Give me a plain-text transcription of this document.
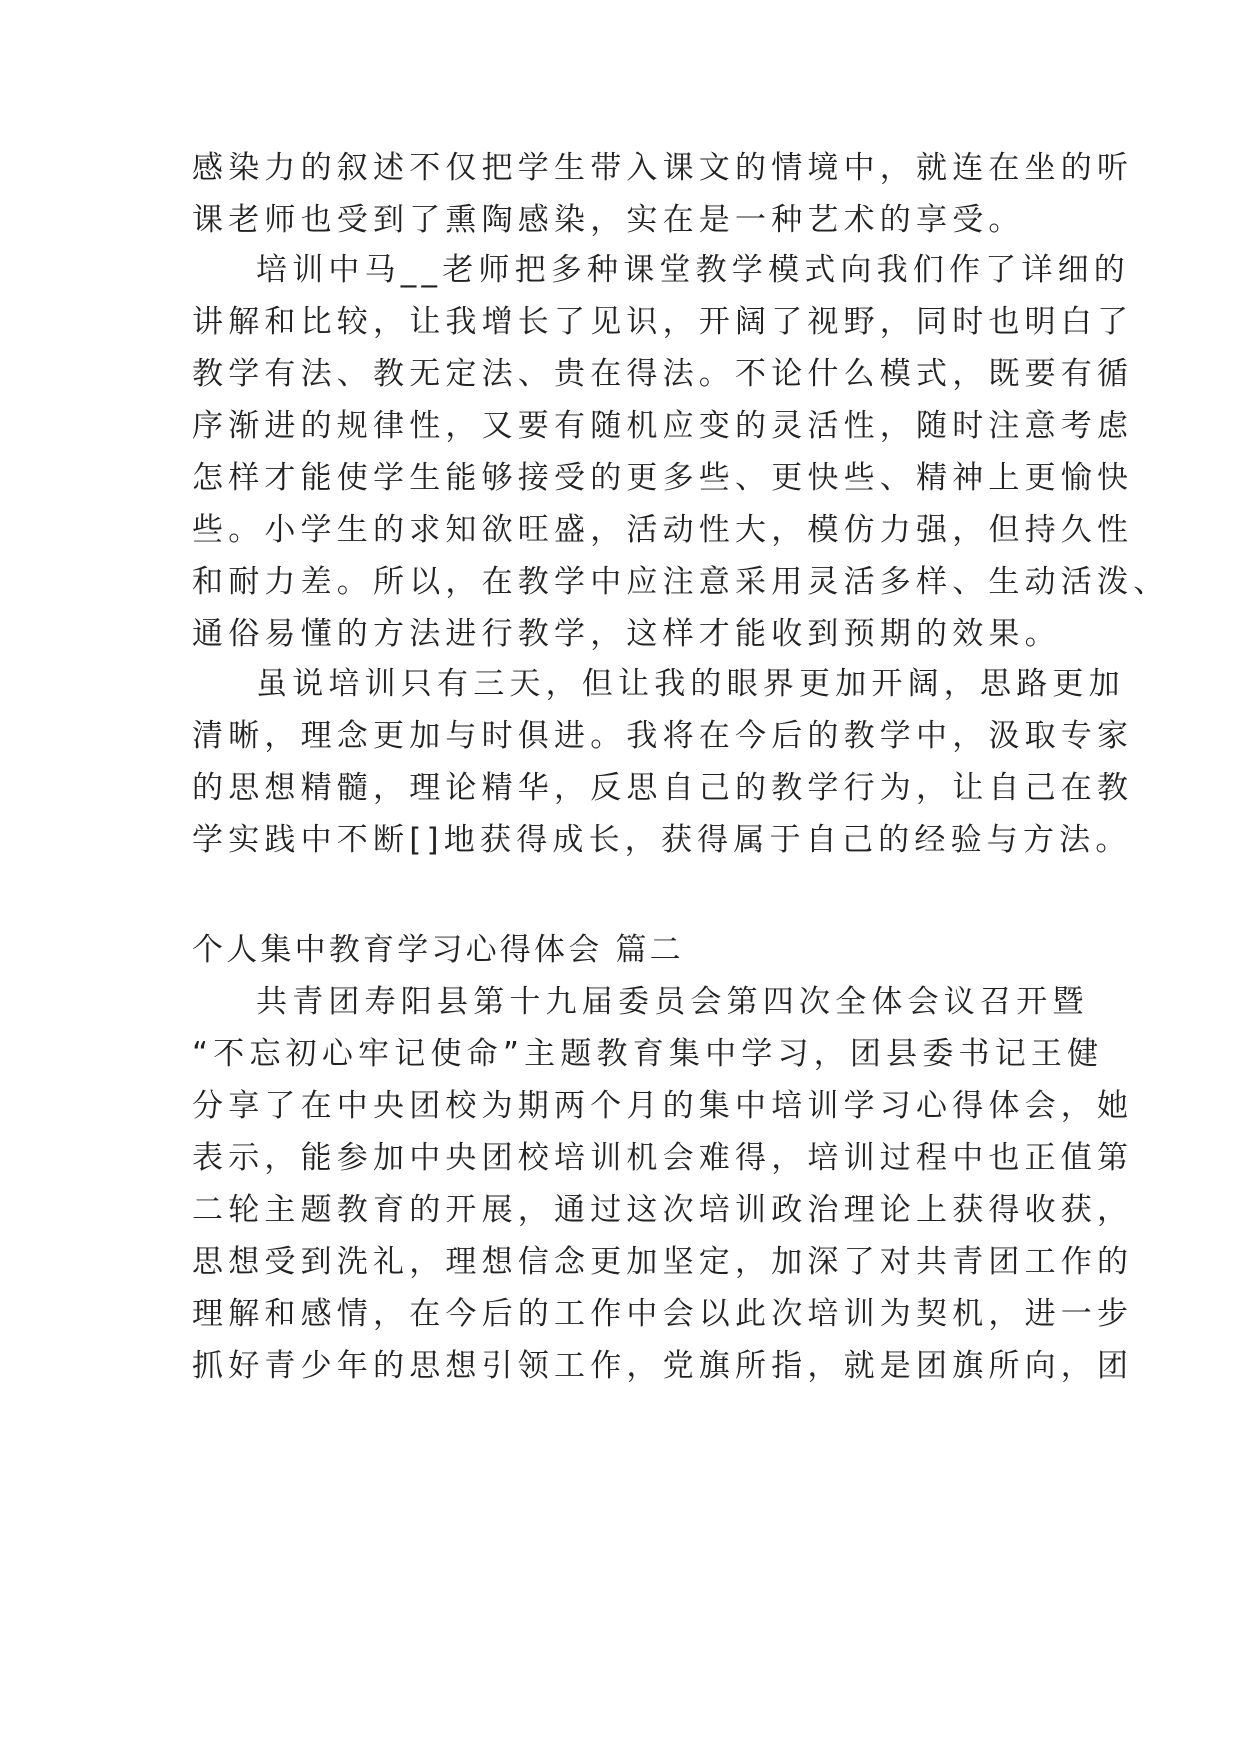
感染力的叙述不仅把学生带入课文的情境中，就连在坐的听

课老师也受到了熏陶感染，实在是一种艺术的享受。

培训中马__老师把多种课堂教学模式向我们作了详细的

讲解和比较，让我增长了见识，开阔了视野，同时也明白了

教学有法、教无定法、贵在得法。不论什么模式，既要有循

序渐进的规律性，又要有随机应变的灵活性，随时注意考虑

怎样才能使学生能够接受的更多些、更快些、精神上更愉快

些。小学生的求知欲旺盛，活动性大，模仿力强，但持久性

和耐力差。所以，在教学中应注意采用灵活多样、生动活泼、

通俗易懂的方法进行教学，这样才能收到预期的效果。

虽说培训只有三天，但让我的眼界更加开阔，思路更加

清晰，理念更加与时俱进。我将在今后的教学中，汲取专家

的思想精髓，理论精华，反思自己的教学行为，让自己在教

学实践中不断[]地获得成长，获得属于自己的经验与方法。

个人集中教育学习心得体会 篇二

共青团寿阳县第十九届委员会第四次全体会议召开暨

“不忘初心牢记使命”主题教育集中学习，团县委书记王健

分享了在中央团校为期两个月的集中培训学习心得体会，她

表示，能参加中央团校培训机会难得，培训过程中也正值第

二轮主题教育的开展，通过这次培训政治理论上获得收获，

思想受到洗礼，理想信念更加坚定，加深了对共青团工作的

理解和感情，在今后的工作中会以此次培训为契机，进一步

抓好青少年的思想引领工作，党旗所指，就是团旗所向，团
